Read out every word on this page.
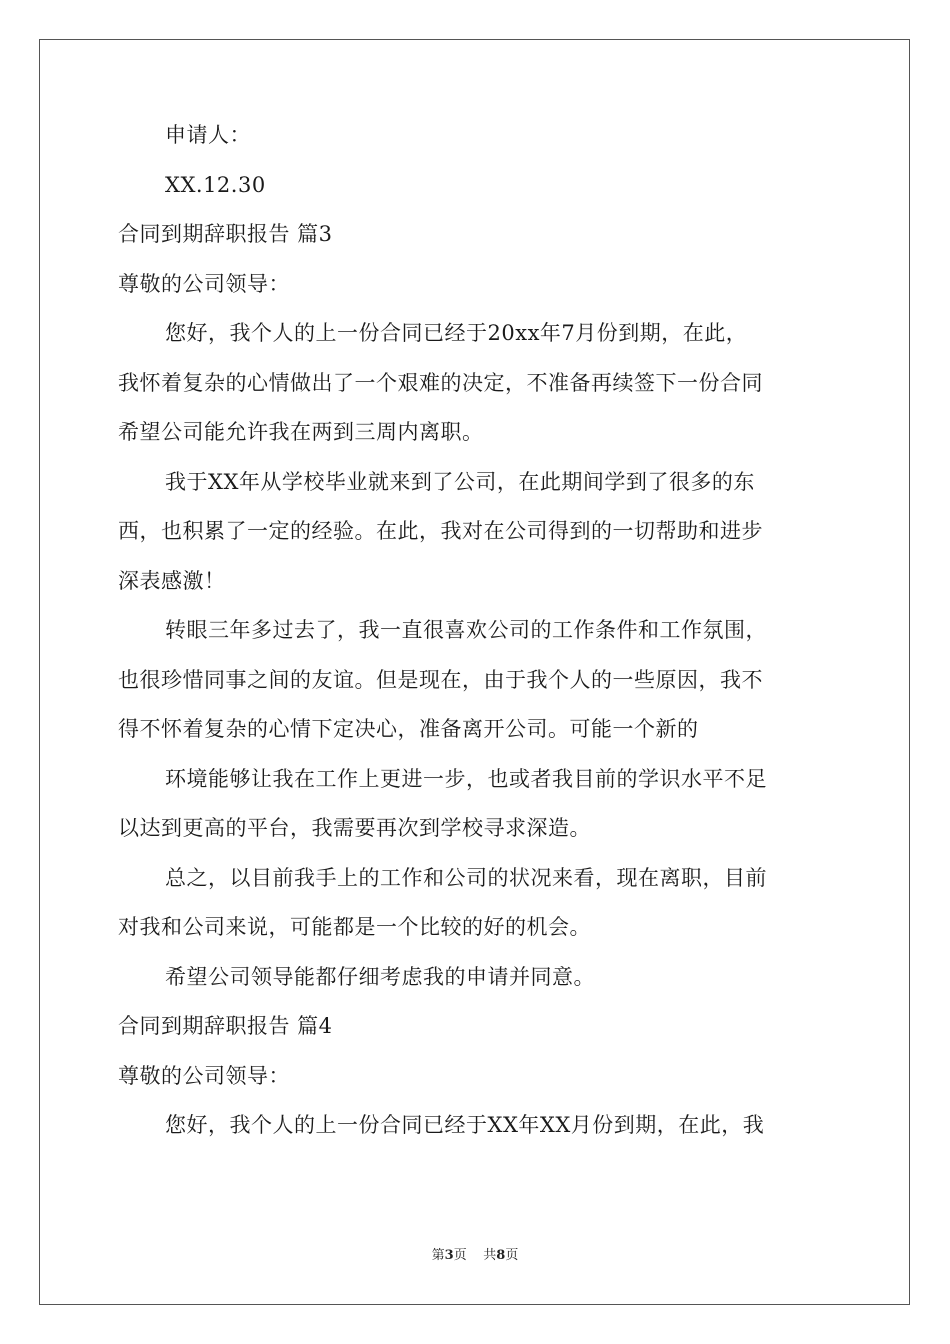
申请人：
XX.12.30
合同到期辞职报告 篇3
尊敬的公司领导：
您好，我个人的上一份合同已经于20xx年7月份到期，在此，
我怀着复杂的心情做出了一个艰难的决定，不准备再续签下一份合同
希望公司能允许我在两到三周内离职。
我于XX年从学校毕业就来到了公司，在此期间学到了很多的东
西，也积累了一定的经验。在此，我对在公司得到的一切帮助和进步
深表感激！
转眼三年多过去了，我一直很喜欢公司的工作条件和工作氛围，
也很珍惜同事之间的友谊。但是现在，由于我个人的一些原因，我不
得不怀着复杂的心情下定决心，准备离开公司。可能一个新的
环境能够让我在工作上更进一步，也或者我目前的学识水平不足
以达到更高的平台，我需要再次到学校寻求深造。
总之，以目前我手上的工作和公司的状况来看，现在离职，目前
对我和公司来说，可能都是一个比较的好的机会。
希望公司领导能都仔细考虑我的申请并同意。
合同到期辞职报告 篇4
尊敬的公司领导：
您好，我个人的上一份合同已经于XX年XX月份到期，在此，我
第3页 共8页
